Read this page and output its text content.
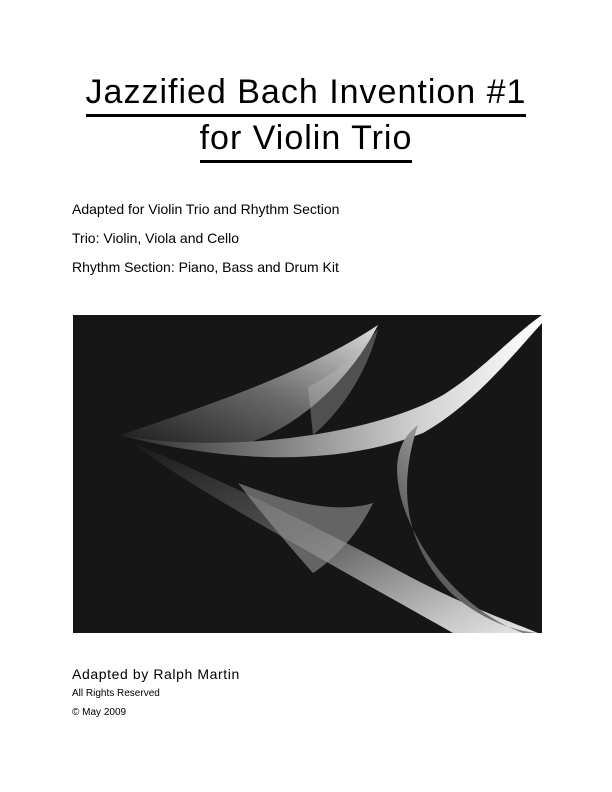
Jazzified Bach Invention #1
for Violin Trio

Adapted for Violin Trio and Rhythm Section

Trio: Violin, Viola and Cello

Rhythm Section: Piano, Bass and Drum Kit

Adapted by Ralph Martin

All Rights Reserved

© May 2009
